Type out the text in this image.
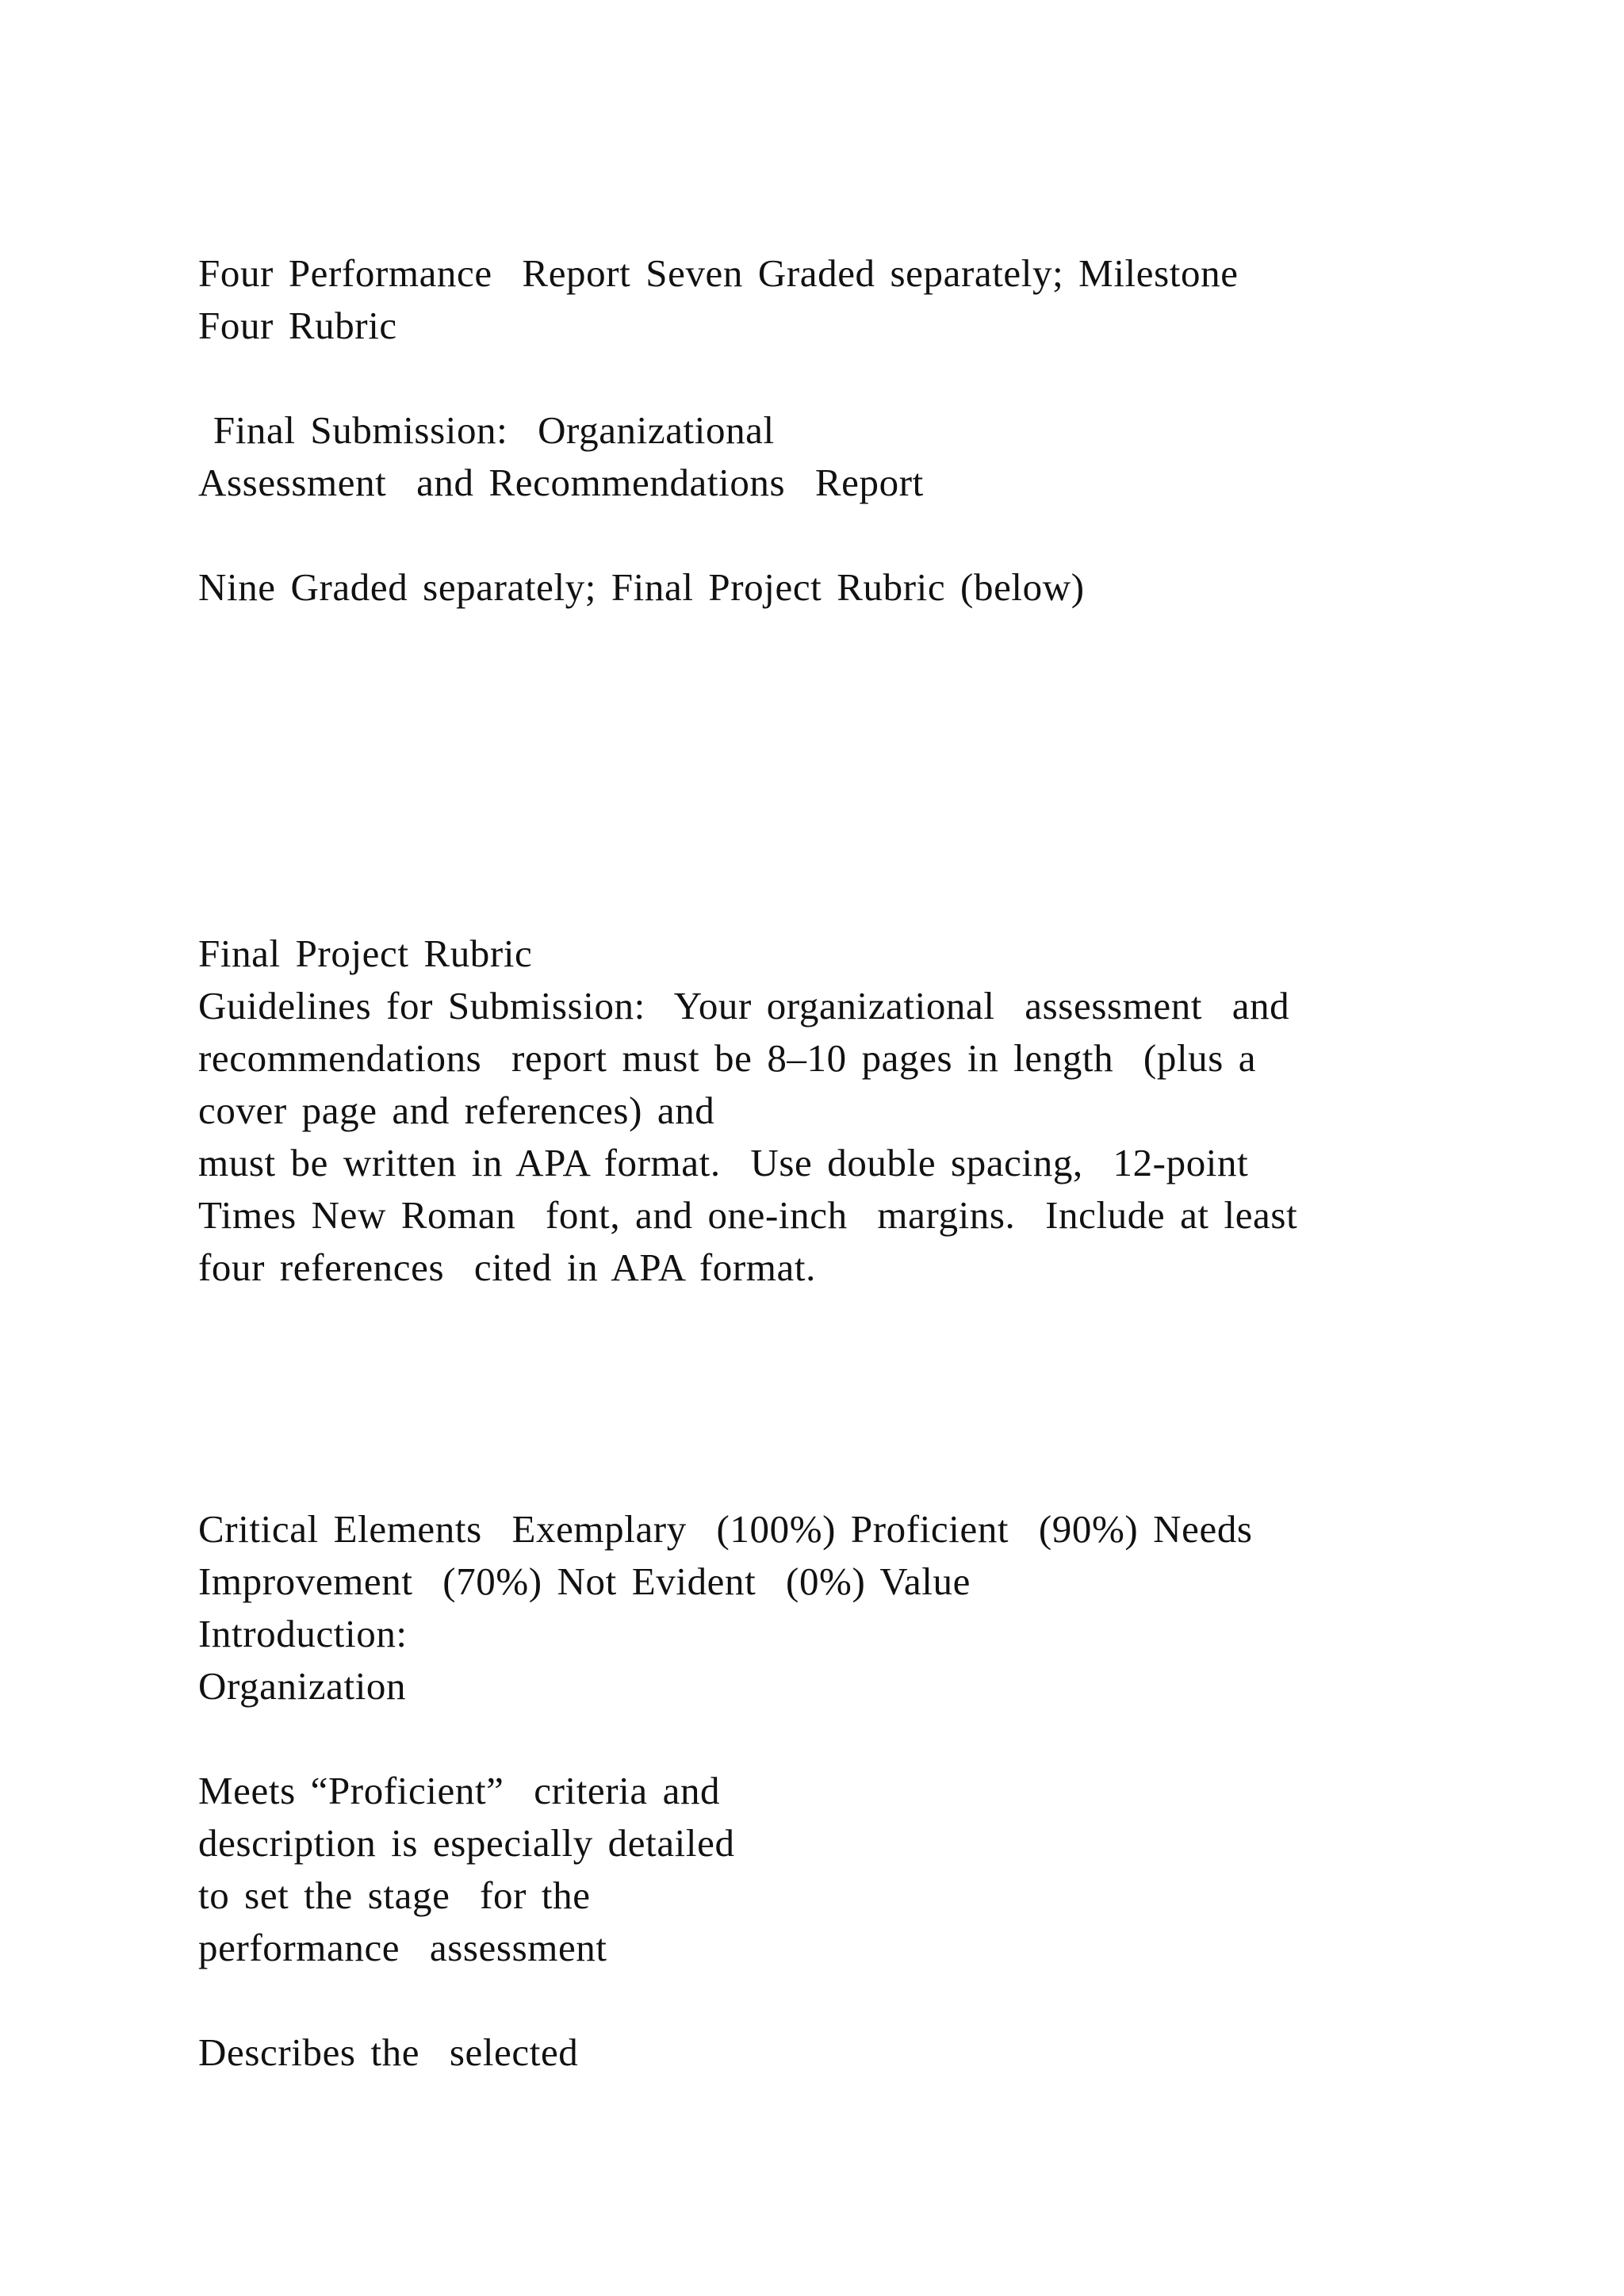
Four Performance  Report Seven Graded separately; Milestone

Four Rubric

Final Submission:  Organizational

Assessment  and Recommendations  Report

Nine Graded separately; Final Project Rubric (below)

Final Project Rubric

Guidelines for Submission:  Your organizational  assessment  and

recommendations  report must be 8–10 pages in length  (plus a

cover page and references) and

must be written in APA format.  Use double spacing,  12-point

Times New Roman  font, and one-inch  margins.  Include at least

four references  cited in APA format.

Critical Elements  Exemplary  (100%) Proficient  (90%) Needs

Improvement  (70%) Not Evident  (0%) Value

Introduction:

Organization

Meets “Proficient”  criteria and

description is especially detailed

to set the stage  for the

performance  assessment

Describes the  selected
